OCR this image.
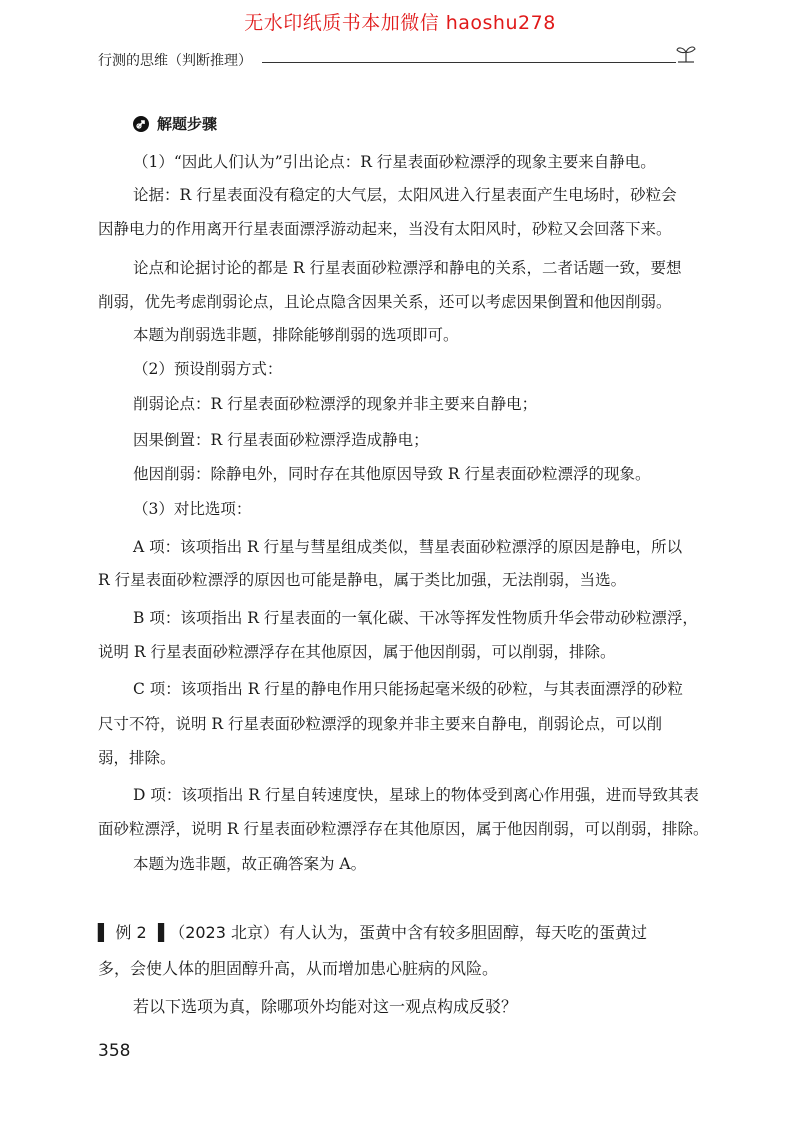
无水印纸质书本加微信 haoshu278
行测的思维（判断推理）
解题步骤
（1）“因此人们认为”引出论点：R 行星表面砂粒漂浮的现象主要来自静电。
论据：R 行星表面没有稳定的大气层，太阳风进入行星表面产生电场时，砂粒会
因静电力的作用离开行星表面漂浮游动起来，当没有太阳风时，砂粒又会回落下来。
论点和论据讨论的都是 R 行星表面砂粒漂浮和静电的关系，二者话题一致，要想
削弱，优先考虑削弱论点，且论点隐含因果关系，还可以考虑因果倒置和他因削弱。
本题为削弱选非题，排除能够削弱的选项即可。
（2）预设削弱方式：
削弱论点：R 行星表面砂粒漂浮的现象并非主要来自静电；
因果倒置：R 行星表面砂粒漂浮造成静电；
他因削弱：除静电外，同时存在其他原因导致 R 行星表面砂粒漂浮的现象。
（3）对比选项：
A 项：该项指出 R 行星与彗星组成类似，彗星表面砂粒漂浮的原因是静电，所以
R 行星表面砂粒漂浮的原因也可能是静电，属于类比加强，无法削弱，当选。
B 项：该项指出 R 行星表面的一氧化碳、干冰等挥发性物质升华会带动砂粒漂浮，
说明 R 行星表面砂粒漂浮存在其他原因，属于他因削弱，可以削弱，排除。
C 项：该项指出 R 行星的静电作用只能扬起毫米级的砂粒，与其表面漂浮的砂粒
尺寸不符，说明 R 行星表面砂粒漂浮的现象并非主要来自静电，削弱论点，可以削
弱，排除。
D 项：该项指出 R 行星自转速度快，星球上的物体受到离心作用强，进而导致其表
面砂粒漂浮，说明 R 行星表面砂粒漂浮存在其他原因，属于他因削弱，可以削弱，排除。
本题为选非题，故正确答案为 A。
▌ 例 2 ▐ （2023 北京）有人认为，蛋黄中含有较多胆固醇，每天吃的蛋黄过
多，会使人体的胆固醇升高，从而增加患心脏病的风险。
若以下选项为真，除哪项外均能对这一观点构成反驳？
358
